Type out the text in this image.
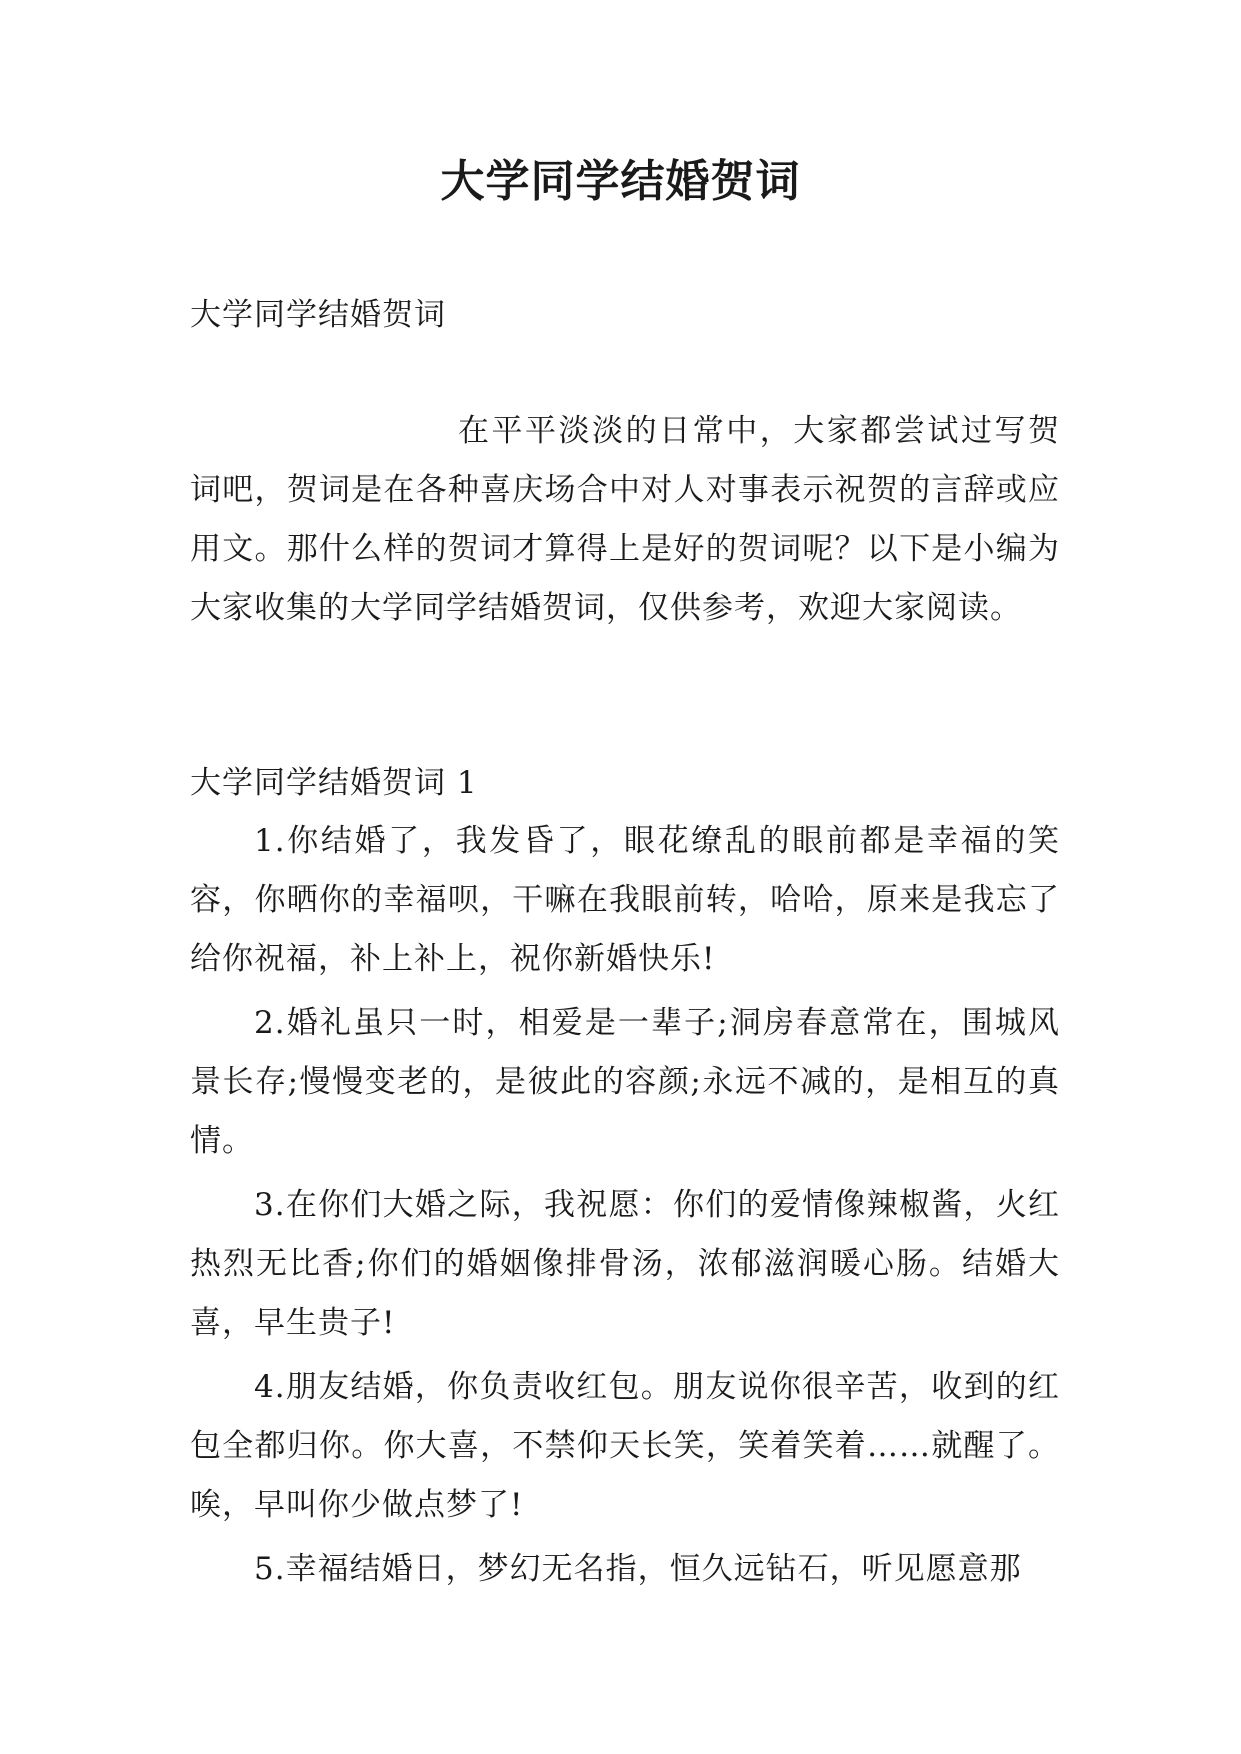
大学同学结婚贺词

大学同学结婚贺词

在平平淡淡的日常中，大家都尝试过写贺词吧，贺词是在各种喜庆场合中对人对事表示祝贺的言辞或应用文。那什么样的贺词才算得上是好的贺词呢？以下是小编为大家收集的大学同学结婚贺词，仅供参考，欢迎大家阅读。

大学同学结婚贺词 1

1.你结婚了，我发昏了，眼花缭乱的眼前都是幸福的笑容，你晒你的幸福呗，干嘛在我眼前转，哈哈，原来是我忘了给你祝福，补上补上，祝你新婚快乐!
2.婚礼虽只一时，相爱是一辈子;洞房春意常在，围城风景长存;慢慢变老的，是彼此的容颜;永远不减的，是相互的真情。
3.在你们大婚之际，我祝愿：你们的爱情像辣椒酱，火红热烈无比香;你们的婚姻像排骨汤，浓郁滋润暖心肠。结婚大喜，早生贵子!
4.朋友结婚，你负责收红包。朋友说你很辛苦，收到的红包全都归你。你大喜，不禁仰天长笑，笑着笑着……就醒了。唉，早叫你少做点梦了!
5.幸福结婚日，梦幻无名指，恒久远钻石，听见愿意那
